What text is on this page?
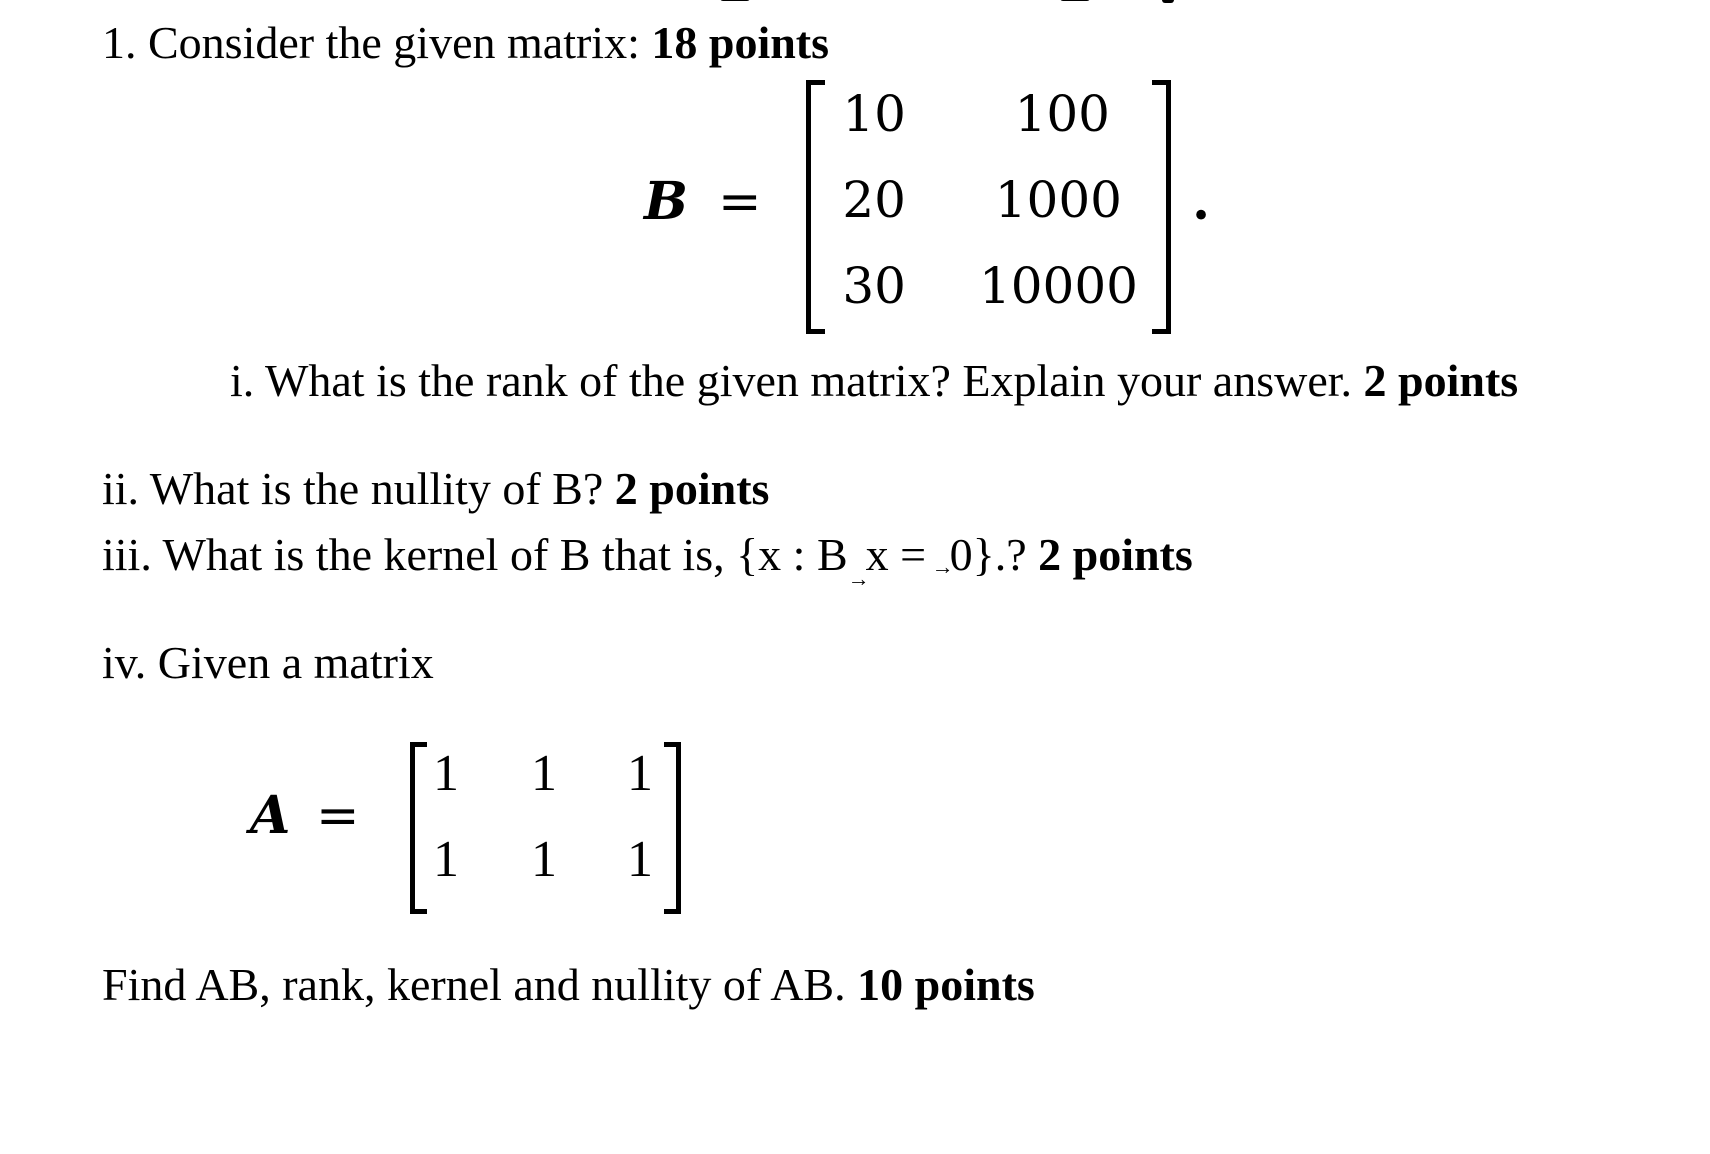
1. Consider the given matrix: 18 points
B =
10	100
20	1000
30	10000
.
i. What is the rank of the given matrix? Explain your answer. 2 points
ii. What is the nullity of B? 2 points
iii. What is the kernel of B that is, {x : B →
x =
→
0}.? 2 points
iv. Given a matrix
A =
1 1 1
1 1 1
Find AB, rank, kernel and nullity of AB. 10 points
